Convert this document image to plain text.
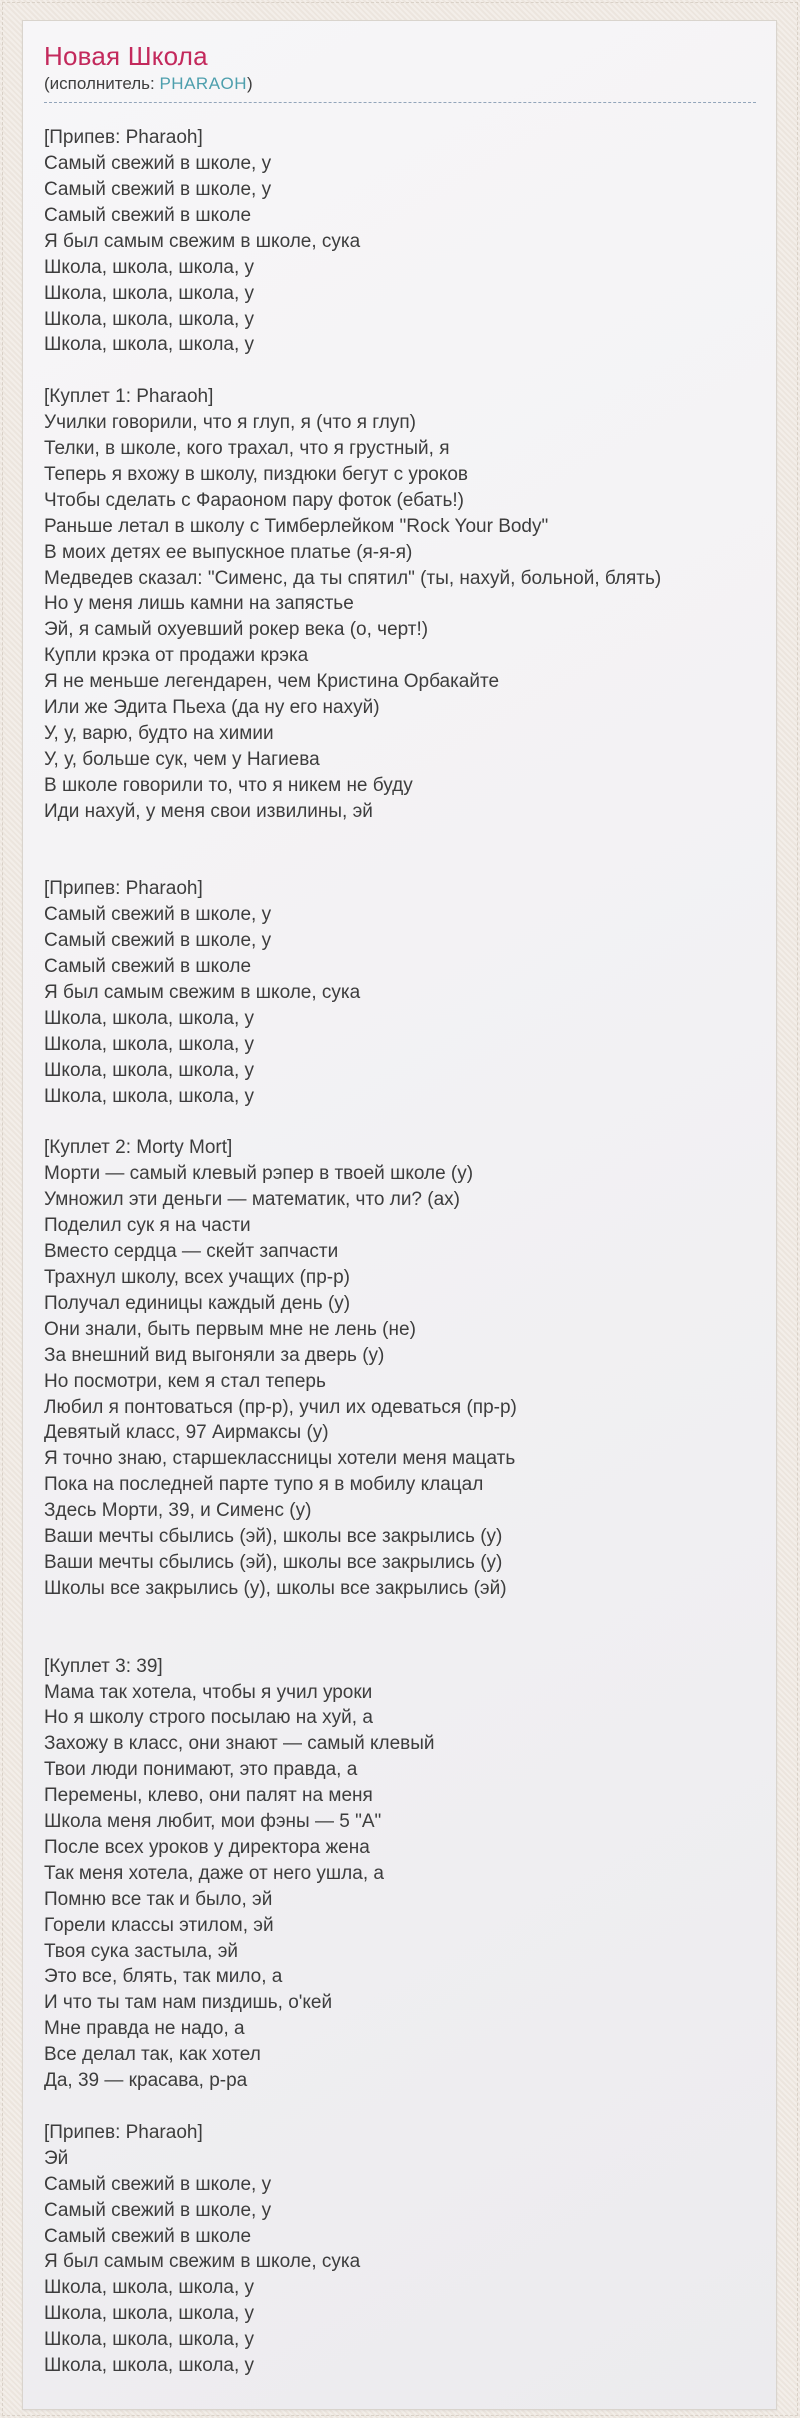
Новая Школа
(исполнитель: PHARAOH)
[Припев: Pharaoh]
Самый свежий в школе, у
Самый свежий в школе, у
Самый свежий в школе
Я был самым свежим в школе, сука
Школа, школа, школа, у
Школа, школа, школа, у
Школа, школа, школа, у
Школа, школа, школа, у
[Куплет 1: Pharaoh]
Училки говорили, что я глуп, я (что я глуп)
Телки, в школе, кого трахал, что я грустный, я
Теперь я вхожу в школу, пиздюки бегут с уроков
Чтобы сделать с Фараоном пару фоток (ебать!)
Раньше летал в школу с Тимберлейком "Rock Your Body"
В моих детях ее выпускное платье (я-я-я)
Медведев сказал: "Сименс, да ты спятил" (ты, нахуй, больной, блять)
Но у меня лишь камни на запястье
Эй, я самый охуевший рокер века (о, черт!)
Купли крэка от продажи крэка
Я не меньше легендарен, чем Кристина Орбакайте
Или же Эдита Пьеха (да ну его нахуй)
У, у, варю, будто на химии
У, у, больше сук, чем у Нагиева
В школе говорили то, что я никем не буду
Иди нахуй, у меня свои извилины, эй
[Припев: Pharaoh]
Самый свежий в школе, у
Самый свежий в школе, у
Самый свежий в школе
Я был самым свежим в школе, сука
Школа, школа, школа, у
Школа, школа, школа, у
Школа, школа, школа, у
Школа, школа, школа, у
[Куплет 2: Morty Mort]
Морти — самый клевый рэпер в твоей школе (у)
Умножил эти деньги — математик, что ли? (ах)
Поделил сук я на части
Вместо сердца — скейт запчасти
Трахнул школу, всех учащих (пр-р)
Получал единицы каждый день (у)
Они знали, быть первым мне не лень (не)
За внешний вид выгоняли за дверь (у)
Но посмотри, кем я стал теперь
Любил я понтоваться (пр-р), учил их одеваться (пр-р)
Девятый класс, 97 Аирмаксы (у)
Я точно знаю, старшеклассницы хотели меня мацать
Пока на последней парте тупо я в мобилу клацал
Здесь Морти, 39, и Сименс (у)
Ваши мечты сбылись (эй), школы все закрылись (у)
Ваши мечты сбылись (эй), школы все закрылись (у)
Школы все закрылись (у), школы все закрылись (эй)
[Куплет 3: 39]
Мама так хотела, чтобы я учил уроки
Но я школу строго посылаю на хуй, а
Захожу в класс, они знают — самый клевый
Твои люди понимают, это правда, а
Перемены, клево, они палят на меня
Школа меня любит, мои фэны — 5 "А"
После всех уроков у директора жена
Так меня хотела, даже от него ушла, а
Помню все так и было, эй
Горели классы этилом, эй
Твоя сука застыла, эй
Это все, блять, так мило, а
И что ты там нам пиздишь, о'кей
Мне правда не надо, а
Все делал так, как хотел
Да, 39 — красава, р-ра
[Припев: Pharaoh]
Эй
Самый свежий в школе, у
Самый свежий в школе, у
Самый свежий в школе
Я был самым свежим в школе, сука
Школа, школа, школа, у
Школа, школа, школа, у
Школа, школа, школа, у
Школа, школа, школа, у
